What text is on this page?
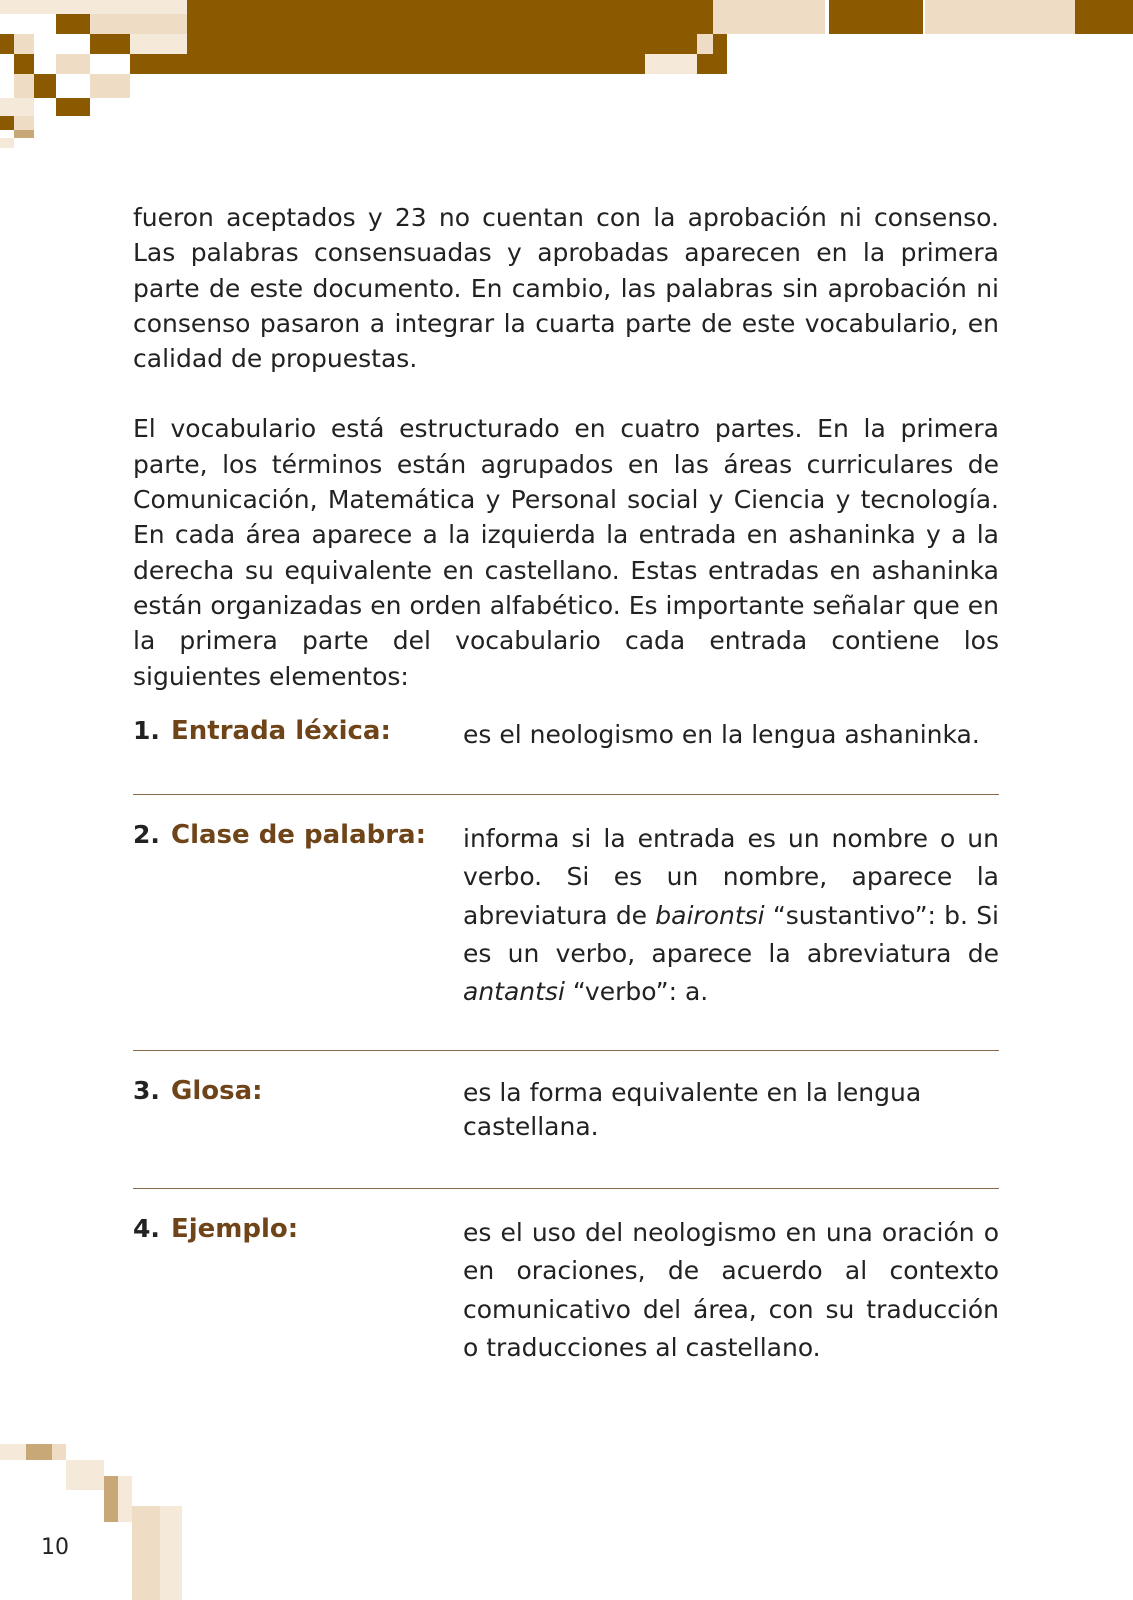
fueron aceptados y 23 no cuentan con la aprobación ni consenso. Las palabras consensuadas y aprobadas aparecen en la primera parte de este documento. En cambio, las palabras sin aprobación ni consenso pasaron a integrar la cuarta parte de este vocabulario, en calidad de propuestas.

El vocabulario está estructurado en cuatro partes. En la primera parte, los términos están agrupados en las áreas curriculares de Comunicación, Matemática y Personal social y Ciencia y tecnología. En cada área aparece a la izquierda la entrada en ashaninka y a la derecha su equivalente en castellano. Estas entradas en ashaninka están organizadas en orden alfabético. Es importante señalar que en la primera parte del vocabulario cada entrada contiene los siguientes elementos:

1. Entrada léxica:	es el neologismo en la lengua ashaninka.
2. Clase de palabra: informa si la entrada es un nombre o un verbo. Si es un nombre, aparece la abreviatura de bairontsi “sustantivo”: b. Si es un verbo, aparece la abreviatura de antantsi “verbo”: a.
3. Glosa:	es la forma equivalente en la lengua castellana.
4. Ejemplo:	es el uso del neologismo en una oración o en oraciones, de acuerdo al contexto comunicativo del área, con su traducción o traducciones al castellano.
10
